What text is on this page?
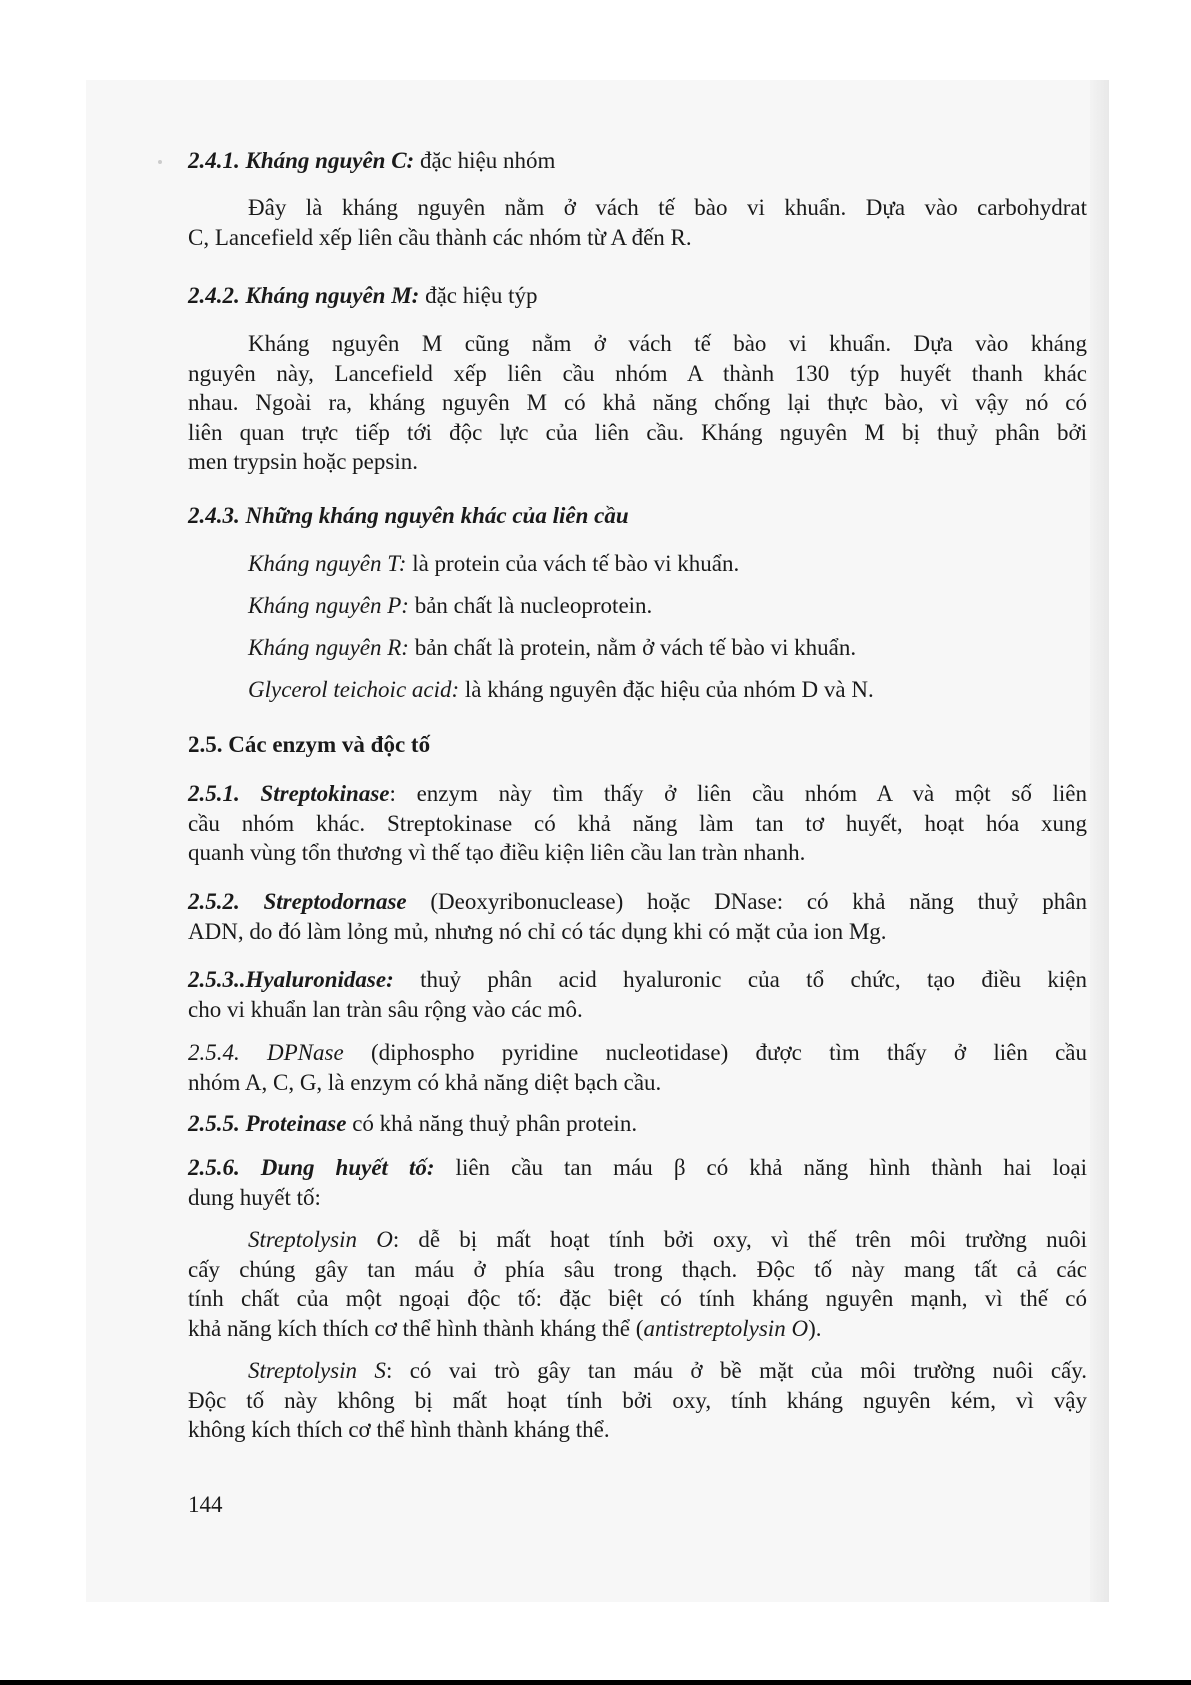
2.4.1. Kháng nguyên C: đặc hiệu nhóm
Đây là kháng nguyên nằm ở vách tế bào vi khuẩn. Dựa vào carbohydrat
C, Lancefield xếp liên cầu thành các nhóm từ A đến R.
2.4.2. Kháng nguyên M: đặc hiệu týp
Kháng nguyên M cũng nằm ở vách tế bào vi khuẩn. Dựa vào kháng
nguyên này, Lancefield xếp liên cầu nhóm A thành 130 týp huyết thanh khác
nhau. Ngoài ra, kháng nguyên M có khả năng chống lại thực bào, vì vậy nó có
liên quan trực tiếp tới độc lực của liên cầu. Kháng nguyên M bị thuỷ phân bởi
men trypsin hoặc pepsin.
2.4.3. Những kháng nguyên khác của liên cầu
Kháng nguyên T: là protein của vách tế bào vi khuẩn.
Kháng nguyên P: bản chất là nucleoprotein.
Kháng nguyên R: bản chất là protein, nằm ở vách tế bào vi khuẩn.
Glycerol teichoic acid: là kháng nguyên đặc hiệu của nhóm D và N.
2.5. Các enzym và độc tố
2.5.1. Streptokinase: enzym này tìm thấy ở liên cầu nhóm A và một số liên
cầu nhóm khác. Streptokinase có khả năng làm tan tơ huyết, hoạt hóa xung
quanh vùng tổn thương vì thế tạo điều kiện liên cầu lan tràn nhanh.
2.5.2. Streptodornase (Deoxyribonuclease) hoặc DNase: có khả năng thuỷ phân
ADN, do đó làm lỏng mủ, nhưng nó chỉ có tác dụng khi có mặt của ion Mg.
2.5.3..Hyaluronidase: thuỷ phân acid hyaluronic của tổ chức, tạo điều kiện
cho vi khuẩn lan tràn sâu rộng vào các mô.
2.5.4. DPNase (diphospho pyridine nucleotidase) được tìm thấy ở liên cầu
nhóm A, C, G, là enzym có khả năng diệt bạch cầu.
2.5.5. Proteinase có khả năng thuỷ phân protein.
2.5.6. Dung huyết tố: liên cầu tan máu β có khả năng hình thành hai loại
dung huyết tố:
Streptolysin O: dễ bị mất hoạt tính bởi oxy, vì thế trên môi trường nuôi
cấy chúng gây tan máu ở phía sâu trong thạch. Độc tố này mang tất cả các
tính chất của một ngoại độc tố: đặc biệt có tính kháng nguyên mạnh, vì thế có
khả năng kích thích cơ thể hình thành kháng thể (antistreptolysin O).
Streptolysin S: có vai trò gây tan máu ở bề mặt của môi trường nuôi cấy.
Độc tố này không bị mất hoạt tính bởi oxy, tính kháng nguyên kém, vì vậy
không kích thích cơ thể hình thành kháng thể.
144
